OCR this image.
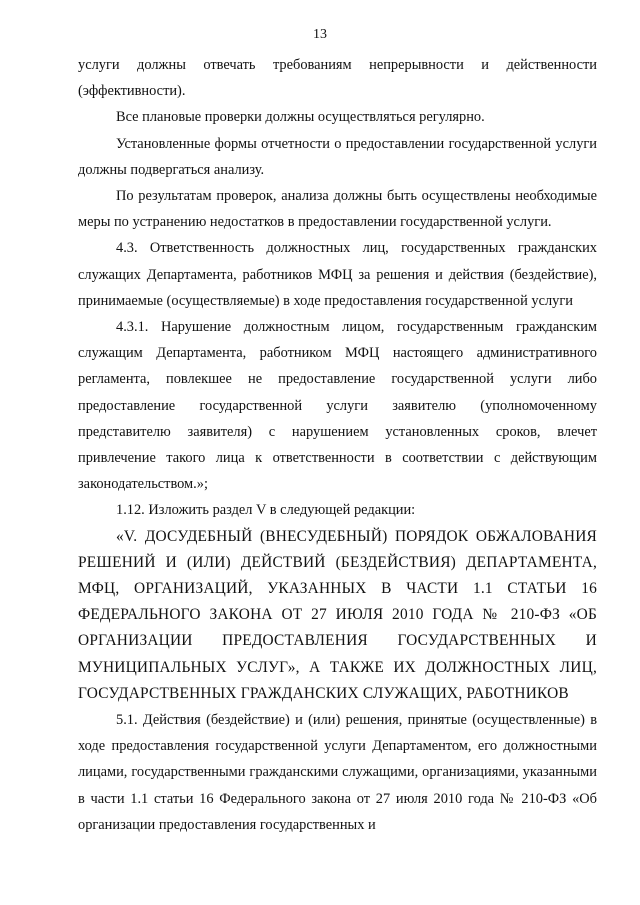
13

услуги должны отвечать требованиям непрерывности и действенности (эффективности).

Все плановые проверки должны осуществляться регулярно.

Установленные формы отчетности о предоставлении государственной услуги должны подвергаться анализу.

По результатам проверок, анализа должны быть осуществлены необходимые меры по устранению недостатков в предоставлении государственной услуги.

4.3. Ответственность должностных лиц, государственных гражданских служащих Департамента, работников МФЦ за решения и действия (бездействие), принимаемые (осуществляемые) в ходе предоставления государственной услуги

4.3.1. Нарушение должностным лицом, государственным гражданским служащим Департамента, работником МФЦ настоящего административного регламента, повлекшее не предоставление государственной услуги либо предоставление государственной услуги заявителю (уполномоченному представителю заявителя) с нарушением установленных сроков, влечет привлечение такого лица к ответственности в соответствии с действующим законодательством.»;

1.12. Изложить раздел V в следующей редакции:

«V. ДОСУДЕБНЫЙ (ВНЕСУДЕБНЫЙ) ПОРЯДОК ОБЖАЛОВАНИЯ РЕШЕНИЙ И (ИЛИ) ДЕЙСТВИЙ (БЕЗДЕЙСТВИЯ) ДЕПАРТАМЕНТА, МФЦ, ОРГАНИЗАЦИЙ, УКАЗАННЫХ В ЧАСТИ 1.1 СТАТЬИ 16 ФЕДЕРАЛЬНОГО ЗАКОНА ОТ 27 ИЮЛЯ 2010 ГОДА № 210-ФЗ «ОБ ОРГАНИЗАЦИИ ПРЕДОСТАВЛЕНИЯ ГОСУДАРСТВЕННЫХ И МУНИЦИПАЛЬНЫХ УСЛУГ», А ТАКЖЕ ИХ ДОЛЖНОСТНЫХ ЛИЦ, ГОСУДАРСТВЕННЫХ ГРАЖДАНСКИХ СЛУЖАЩИХ, РАБОТНИКОВ

5.1. Действия (бездействие) и (или) решения, принятые (осуществленные) в ходе предоставления государственной услуги Департаментом, его должностными лицами, государственными гражданскими служащими, организациями, указанными в части 1.1 статьи 16 Федерального закона от 27 июля 2010 года № 210-ФЗ «Об организации предоставления государственных и
